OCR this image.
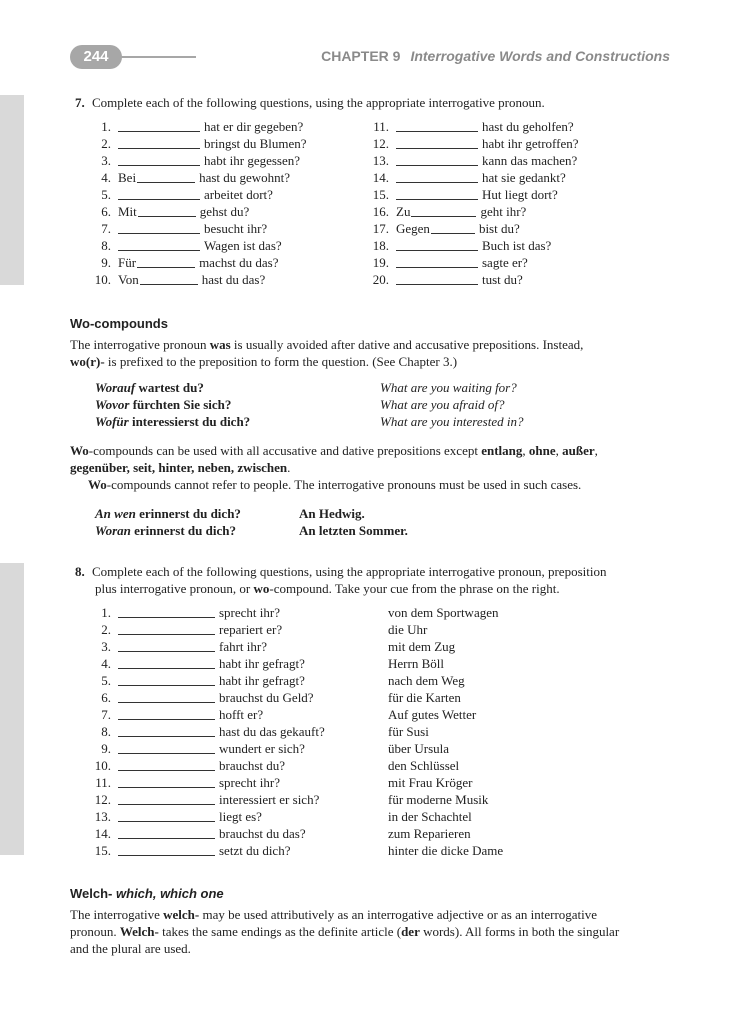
244	CHAPTER 9 Interrogative Words and Constructions
7. Complete each of the following questions, using the appropriate interrogative pronoun.
1.	hat er dir gegeben?
2.	bringst du Blumen?
3.	habt ihr gegessen?
4. Bei	hast du gewohnt?
5.	arbeitet dort?
6. Mit	gehst du?
7.	besucht ihr?
8.	Wagen ist das?
9. Für	machst du das?
10. Von	hast du das?
11.	hast du geholfen?
12.	habt ihr getroffen?
13.	kann das machen?
14.	hat sie gedankt?
15.	Hut liegt dort?
16. Zu	geht ihr?
17. Gegen	bist du?
18.	Buch ist das?
19.	sagte er?
20.	tust du?
Wo-compounds
The interrogative pronoun was is usually avoided after dative and accusative prepositions. Instead,
wo(r)- is prefixed to the preposition to form the question. (See Chapter 3.)
Worauf wartest du?	What are you waiting for?
Wovor fürchten Sie sich?	What are you afraid of?
Wofür interessierst du dich?	What are you interested in?
Wo-compounds can be used with all accusative and dative prepositions except entlang, ohne, außer,
gegenüber, seit, hinter, neben, zwischen.
Wo-compounds cannot refer to people. The interrogative pronouns must be used in such cases.
An wen erinnerst du dich?	An Hedwig.
Woran erinnerst du dich?	An letzten Sommer.
8. Complete each of the following questions, using the appropriate interrogative pronoun, preposition
plus interrogative pronoun, or wo-compound. Take your cue from the phrase on the right.
1.	sprecht ihr?	von dem Sportwagen
2.	repariert er?	die Uhr
3.	fahrt ihr?	mit dem Zug
4.	habt ihr gefragt?	Herrn Böll
5.	habt ihr gefragt?	nach dem Weg
6.	brauchst du Geld?	für die Karten
7.	hofft er?	Auf gutes Wetter
8.	hast du das gekauft?	für Susi
9.	wundert er sich?	über Ursula
10.	brauchst du?	den Schlüssel
11.	sprecht ihr?	mit Frau Kröger
12.	interessiert er sich?	für moderne Musik
13.	liegt es?	in der Schachtel
14.	brauchst du das?	zum Reparieren
15.	setzt du dich?	hinter die dicke Dame
Welch- which, which one
The interrogative welch- may be used attributively as an interrogative adjective or as an interrogative
pronoun. Welch- takes the same endings as the definite article (der words). All forms in both the singular
and the plural are used.
